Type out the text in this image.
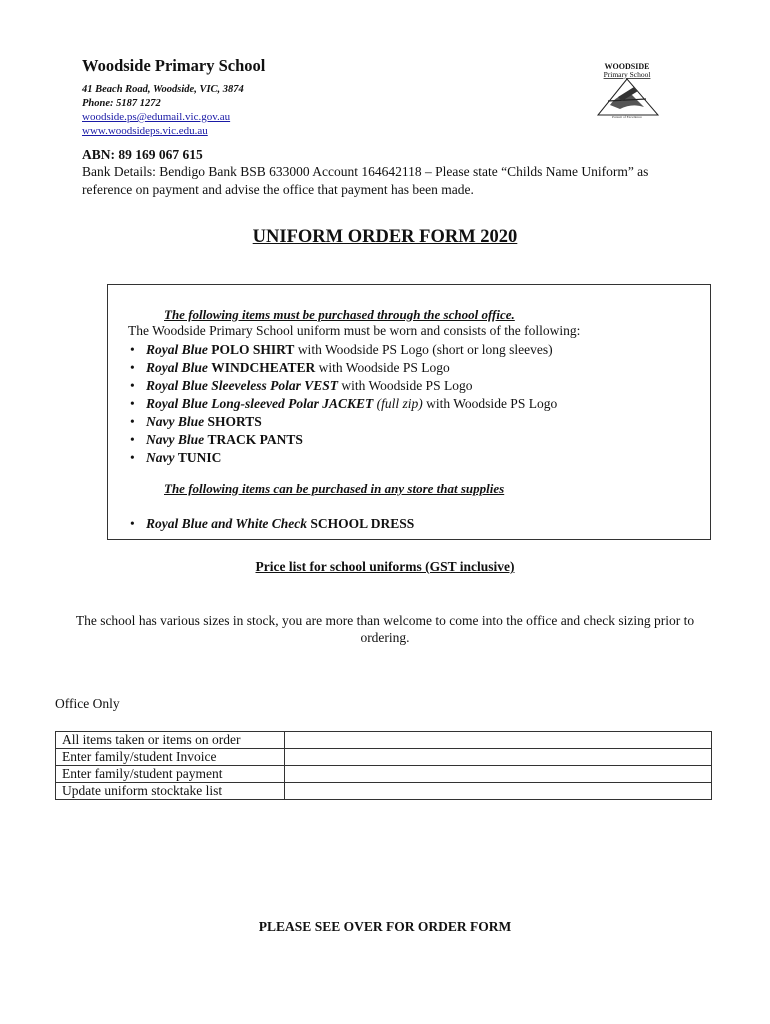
Woodside Primary School
41 Beach Road, Woodside, VIC, 3874
Phone: 5187 1272
woodside.ps@edumail.vic.gov.au
www.woodsideps.vic.edu.au
WOODSIDE
Primary School
Pursuit of Excellence
ABN: 89 169 067 615
Bank Details: Bendigo Bank BSB 633000 Account 164642118 – Please state “Childs Name Uniform” as reference on payment and advise the office that payment has been made.
UNIFORM ORDER FORM 2020
The following items must be purchased through the school office.
The Woodside Primary School uniform must be worn and consists of the following:
• Royal Blue POLO SHIRT with Woodside PS Logo (short or long sleeves)
• Royal Blue WINDCHEATER with Woodside PS Logo
• Royal Blue Sleeveless Polar VEST with Woodside PS Logo
• Royal Blue Long-sleeved Polar JACKET (full zip) with Woodside PS Logo
• Navy Blue SHORTS
• Navy Blue TRACK PANTS
• Navy TUNIC
The following items can be purchased in any store that supplies
• Royal Blue and White Check SCHOOL DRESS
Price list for school uniforms (GST inclusive)
The school has various sizes in stock, you are more than welcome to come into the office and check sizing prior to ordering.
Office Only
All items taken or items on order	
Enter family/student Invoice	
Enter family/student payment	
Update uniform stocktake list	
PLEASE SEE OVER FOR ORDER FORM
